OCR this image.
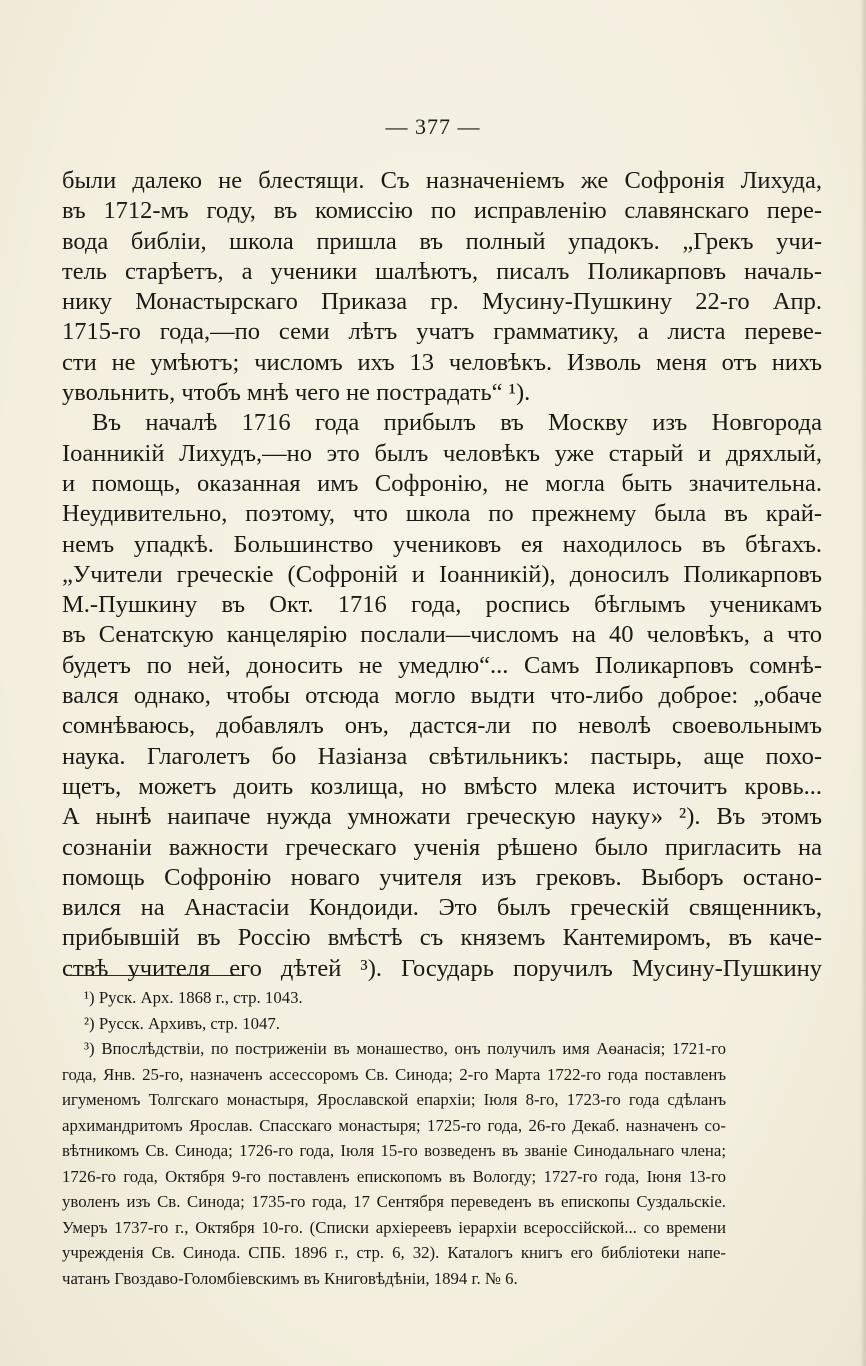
— 377 —
были далеко не блестящи. Съ назначеніемъ же Софронія Лихуда,
въ 1712-мъ году, въ комиссію по исправленію славянскаго пере-
вода библіи, школа пришла въ полный упадокъ. „Грекъ учи-
тель старѣетъ, а ученики шалѣютъ, писалъ Поликарповъ началь-
нику Монастырскаго Приказа гр. Мусину-Пушкину 22-го Апр.
1715-го года,—по семи лѣтъ учатъ грамматику, а листа переве-
сти не умѣютъ; числомъ ихъ 13 человѣкъ. Изволь меня отъ нихъ
увольнить, чтобъ мнѣ чего не пострадать“ ¹).
Въ началѣ 1716 года прибылъ въ Москву изъ Новгорода
Іоанникій Лихудъ,—но это былъ человѣкъ уже старый и дряхлый,
и помощь, оказанная имъ Софронію, не могла быть значительна.
Неудивительно, поэтому, что школа по прежнему была въ край-
немъ упадкѣ. Большинство учениковъ ея находилось въ бѣгахъ.
„Учители греческіе (Софроній и Іоанникій), доносилъ Поликарповъ
М.-Пушкину въ Окт. 1716 года, роспись бѣглымъ ученикамъ
въ Сенатскую канцелярію послали—числомъ на 40 человѣкъ, а что
будетъ по ней, доносить не умедлю“... Самъ Поликарповъ сомнѣ-
вался однако, чтобы отсюда могло выдти что-либо доброе: „обаче
сомнѣваюсь, добавлялъ онъ, дастся-ли по неволѣ своевольнымъ
наука. Глаголетъ бо Назіанза свѣтильникъ: пастырь, аще похо-
щетъ, можетъ доить козлища, но вмѣсто млека источитъ кровь...
А нынѣ наипаче нужда умножати греческую науку» ²). Въ этомъ
сознаніи важности греческаго ученія рѣшено было пригласить на
помощь Софронію новаго учителя изъ грековъ. Выборъ остано-
вился на Анастасіи Кондоиди. Это былъ греческій священникъ,
прибывшій въ Россію вмѣстѣ съ княземъ Кантемиромъ, въ каче-
ствѣ учителя его дѣтей ³). Государь поручилъ Мусину-Пушкину
¹) Руск. Арх. 1868 г., стр. 1043.
²) Русск. Архивъ, стр. 1047.
³) Впослѣдствіи, по постриженіи въ монашество, онъ получилъ имя Аѳанасія; 1721-го
года, Янв. 25-го, назначенъ ассессоромъ Св. Синода; 2-го Марта 1722-го года поставленъ
игуменомъ Толгскаго монастыря, Ярославской епархіи; Іюля 8-го, 1723-го года сдѣланъ
архимандритомъ Ярослав. Спасскаго монастыря; 1725-го года, 26-го Декаб. назначенъ со-
вѣтникомъ Св. Синода; 1726-го года, Іюля 15-го возведенъ въ званіе Синодальнаго члена;
1726-го года, Октября 9-го поставленъ епископомъ въ Вологду; 1727-го года, Іюня 13-го
уволенъ изъ Св. Синода; 1735-го года, 17 Сентября переведенъ въ епископы Суздальскіе.
Умеръ 1737-го г., Октября 10-го. (Списки архіереевъ іерархіи всероссійской... со времени
учрежденія Св. Синода. СПБ. 1896 г., стр. 6, 32). Каталогъ книгъ его библіотеки напе-
чатанъ Гвоздаво-Голомбіевскимъ въ Книговѣдѣніи, 1894 г. № 6.
